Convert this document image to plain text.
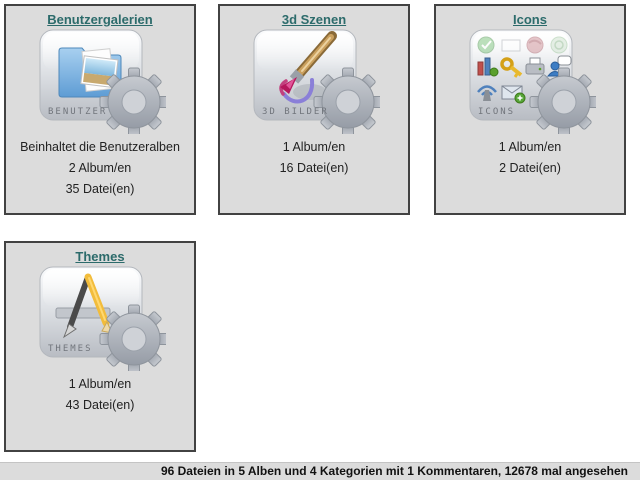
Benutzergalerien
BENUTZER
Beinhaltet die Benutzeralben
2 Album/en
35 Datei(en)
3d Szenen
3D BILDER
1 Album/en
16 Datei(en)
Icons
ICONS
1 Album/en
2 Datei(en)
Themes
THEMES
1 Album/en
43 Datei(en)
96 Dateien in 5 Alben und 4 Kategorien mit 1 Kommentaren, 12678 mal angesehen
